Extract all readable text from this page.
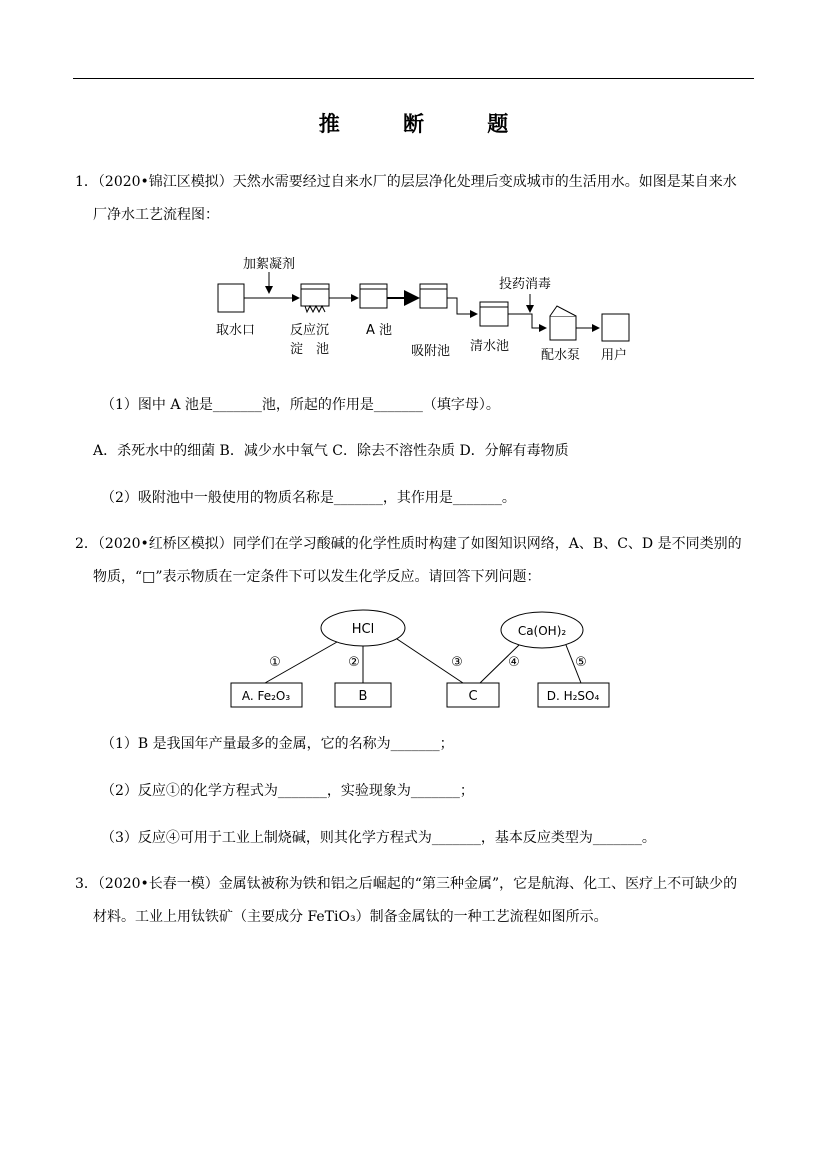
推 断 题
1．（2020•锦江区模拟）天然水需要经过自来水厂的层层净化处理后变成城市的生活用水。如图是某自来水
厂净水工艺流程图：
加絮凝剂
取水口	反应沉
淀　池
A 池
吸附池 清水池
投药消毒
配水泵 用户
（1）图中 A 池是_______池，所起的作用是_______（填字母）。
A．杀死水中的细菌 B．减少水中氧气 C．除去不溶性杂质 D．分解有毒物质
（2）吸附池中一般使用的物质名称是_______，其作用是_______。
2．（2020•红桥区模拟）同学们在学习酸碱的化学性质时构建了如图知识网络，A、B、C、D 是不同类别的
物质，“□”表示物质在一定条件下可以发生化学反应。请回答下列问题：
HCl	Ca(OH)₂
①	②	③	④	⑤
A. Fe₂O₃	B	C	D. H₂SO₄
（1）B 是我国年产量最多的金属，它的名称为_______；
（2）反应①的化学方程式为_______，实验现象为_______；
（3）反应④可用于工业上制烧碱，则其化学方程式为_______，基本反应类型为_______。
3．（2020•长春一模）金属钛被称为铁和铝之后崛起的“第三种金属”，它是航海、化工、医疗上不可缺少的
材料。工业上用钛铁矿（主要成分 FeTiO₃）制备金属钛的一种工艺流程如图所示。
